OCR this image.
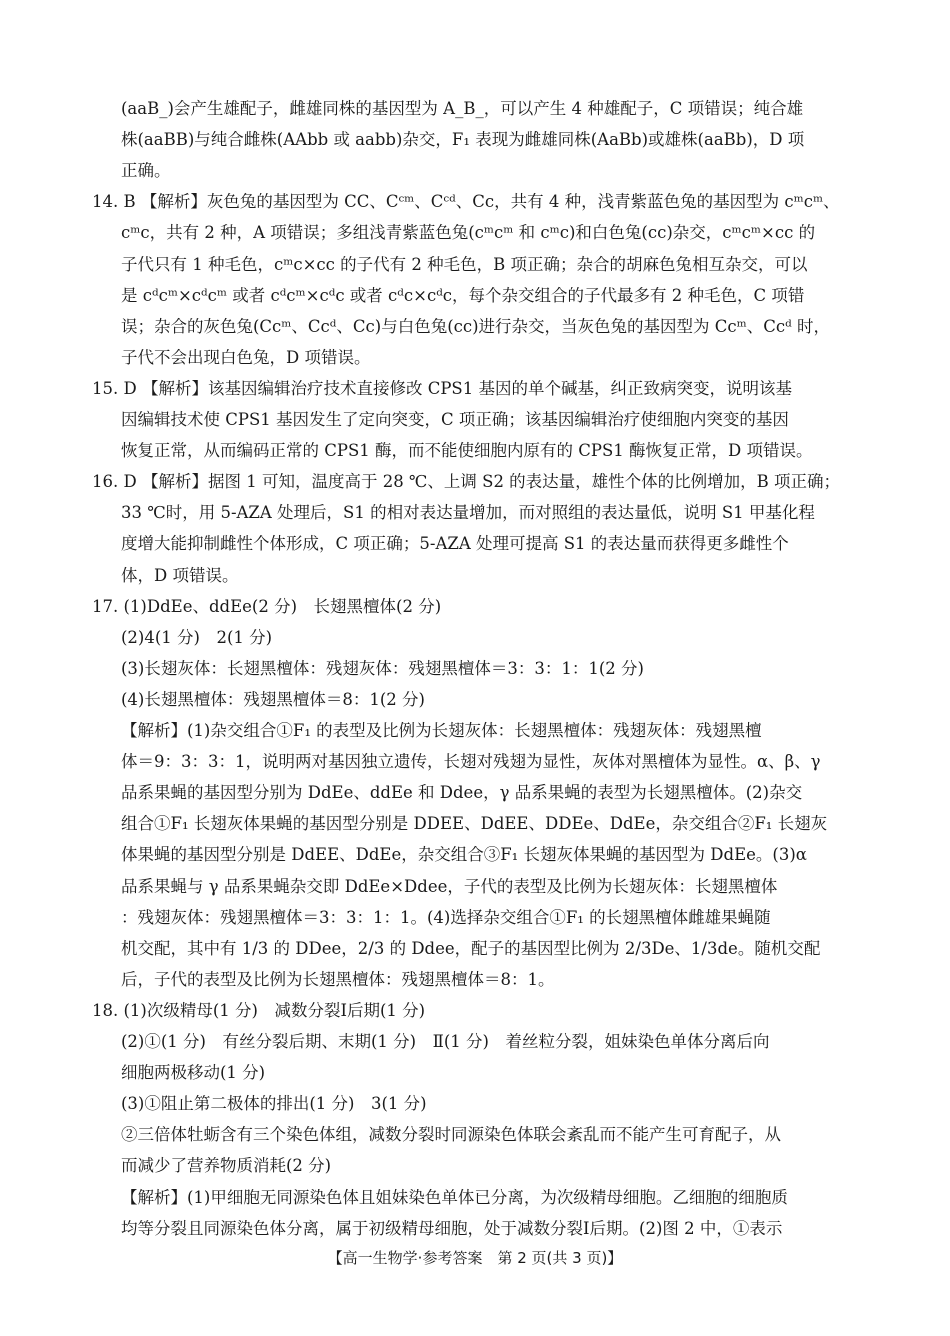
(aaB_)会产生雄配子，雌雄同株的基因型为 A_B_，可以产生 4 种雄配子，C 项错误；纯合雄
株(aaBB)与纯合雌株(AAbb 或 aabb)杂交，F₁ 表现为雌雄同株(AaBb)或雄株(aaBb)，D 项
正确。
14. B 【解析】灰色兔的基因型为 CC、Cᶜᵐ、Cᶜᵈ、Cc，共有 4 种，浅青紫蓝色兔的基因型为 cᵐcᵐ、
cᵐc，共有 2 种，A 项错误；多组浅青紫蓝色兔(cᵐcᵐ 和 cᵐc)和白色兔(cc)杂交，cᵐcᵐ×cc 的
子代只有 1 种毛色，cᵐc×cc 的子代有 2 种毛色，B 项正确；杂合的胡麻色兔相互杂交，可以
是 cᵈcᵐ×cᵈcᵐ 或者 cᵈcᵐ×cᵈc 或者 cᵈc×cᵈc，每个杂交组合的子代最多有 2 种毛色，C 项错
误；杂合的灰色兔(Ccᵐ、Ccᵈ、Cc)与白色兔(cc)进行杂交，当灰色兔的基因型为 Ccᵐ、Ccᵈ 时，
子代不会出现白色兔，D 项错误。
15. D 【解析】该基因编辑治疗技术直接修改 CPS1 基因的单个碱基，纠正致病突变，说明该基
因编辑技术使 CPS1 基因发生了定向突变，C 项正确；该基因编辑治疗使细胞内突变的基因
恢复正常，从而编码正常的 CPS1 酶，而不能使细胞内原有的 CPS1 酶恢复正常，D 项错误。
16. D 【解析】据图 1 可知，温度高于 28 ℃、上调 S2 的表达量，雄性个体的比例增加，B 项正确；
33 ℃时，用 5-AZA 处理后，S1 的相对表达量增加，而对照组的表达量低，说明 S1 甲基化程
度增大能抑制雌性个体形成，C 项正确；5-AZA 处理可提高 S1 的表达量而获得更多雌性个
体，D 项错误。
17. (1)DdEe、ddEe(2 分)　长翅黑檀体(2 分)
(2)4(1 分)　2(1 分)
(3)长翅灰体：长翅黑檀体：残翅灰体：残翅黑檀体＝3：3：1：1(2 分)
(4)长翅黑檀体：残翅黑檀体＝8：1(2 分)
【解析】(1)杂交组合①F₁ 的表型及比例为长翅灰体：长翅黑檀体：残翅灰体：残翅黑檀
体＝9：3：3：1，说明两对基因独立遗传，长翅对残翅为显性，灰体对黑檀体为显性。α、β、γ
品系果蝇的基因型分别为 DdEe、ddEe 和 Ddee，γ 品系果蝇的表型为长翅黑檀体。(2)杂交
组合①F₁ 长翅灰体果蝇的基因型分别是 DDEE、DdEE、DDEe、DdEe，杂交组合②F₁ 长翅灰
体果蝇的基因型分别是 DdEE、DdEe，杂交组合③F₁ 长翅灰体果蝇的基因型为 DdEe。(3)α
品系果蝇与 γ 品系果蝇杂交即 DdEe×Ddee，子代的表型及比例为长翅灰体：长翅黑檀体
：残翅灰体：残翅黑檀体＝3：3：1：1。(4)选择杂交组合①F₁ 的长翅黑檀体雌雄果蝇随
机交配，其中有 1/3 的 DDee，2/3 的 Ddee，配子的基因型比例为 2/3De、1/3de。随机交配
后，子代的表型及比例为长翅黑檀体：残翅黑檀体＝8：1。
18. (1)次级精母(1 分)　减数分裂Ⅰ后期(1 分)
(2)①(1 分)　有丝分裂后期、末期(1 分)　Ⅱ(1 分)　着丝粒分裂，姐妹染色单体分离后向
细胞两极移动(1 分)
(3)①阻止第二极体的排出(1 分)　3(1 分)
②三倍体牡蛎含有三个染色体组，减数分裂时同源染色体联会紊乱而不能产生可育配子，从
而减少了营养物质消耗(2 分)
【解析】(1)甲细胞无同源染色体且姐妹染色单体已分离，为次级精母细胞。乙细胞的细胞质
均等分裂且同源染色体分离，属于初级精母细胞，处于减数分裂Ⅰ后期。(2)图 2 中，①表示
【高一生物学·参考答案　第 2 页(共 3 页)】
